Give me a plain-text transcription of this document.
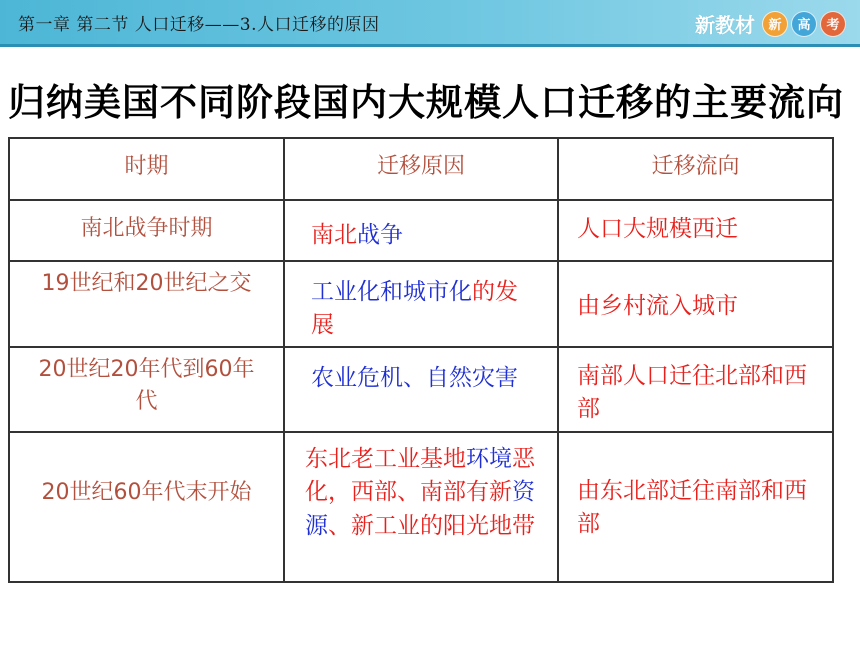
第一章 第二节 人口迁移——3.人口迁移的原因	新教材	新	高	考
归纳美国不同阶段国内大规模人口迁移的主要流向
时期	迁移原因	迁移流向

南北战争时期	南北战争	人口大规模西迁

19世纪和20世纪之交	工业化和城市化的发展	由乡村流入城市

20世纪20年代到60年代	农业危机、自然灾害	南部人口迁往北部和西部

20世纪60年代末开始	东北老工业基地环境恶化，西部、南部有新资源、新工业的阳光地带	由东北部迁往南部和西部
